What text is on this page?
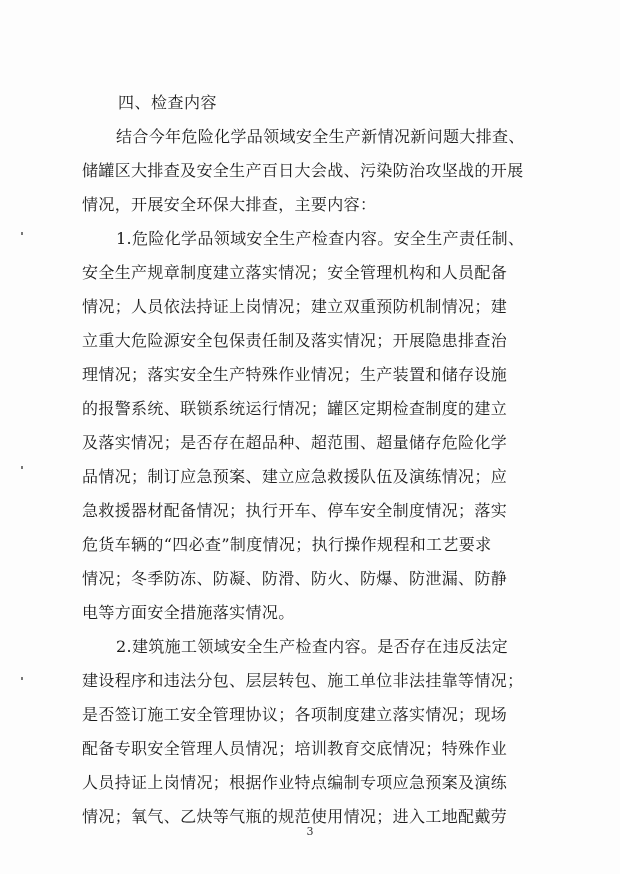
四、检查内容
结合今年危险化学品领域安全生产新情况新问题大排查、
储罐区大排查及安全生产百日大会战、污染防治攻坚战的开展
情况，开展安全环保大排查，主要内容：
1.危险化学品领域安全生产检查内容。安全生产责任制、
安全生产规章制度建立落实情况；安全管理机构和人员配备
情况；人员依法持证上岗情况；建立双重预防机制情况；建
立重大危险源安全包保责任制及落实情况；开展隐患排查治
理情况；落实安全生产特殊作业情况；生产装置和储存设施
的报警系统、联锁系统运行情况；罐区定期检查制度的建立
及落实情况；是否存在超品种、超范围、超量储存危险化学
品情况；制订应急预案、建立应急救援队伍及演练情况；应
急救援器材配备情况；执行开车、停车安全制度情况；落实
危货车辆的“四必查”制度情况；执行操作规程和工艺要求
情况；冬季防冻、防凝、防滑、防火、防爆、防泄漏、防静
电等方面安全措施落实情况。
2.建筑施工领域安全生产检查内容。是否存在违反法定
建设程序和违法分包、层层转包、施工单位非法挂靠等情况；
是否签订施工安全管理协议；各项制度建立落实情况；现场
配备专职安全管理人员情况；培训教育交底情况；特殊作业
人员持证上岗情况；根据作业特点编制专项应急预案及演练
情况；氧气、乙炔等气瓶的规范使用情况；进入工地配戴劳
3
